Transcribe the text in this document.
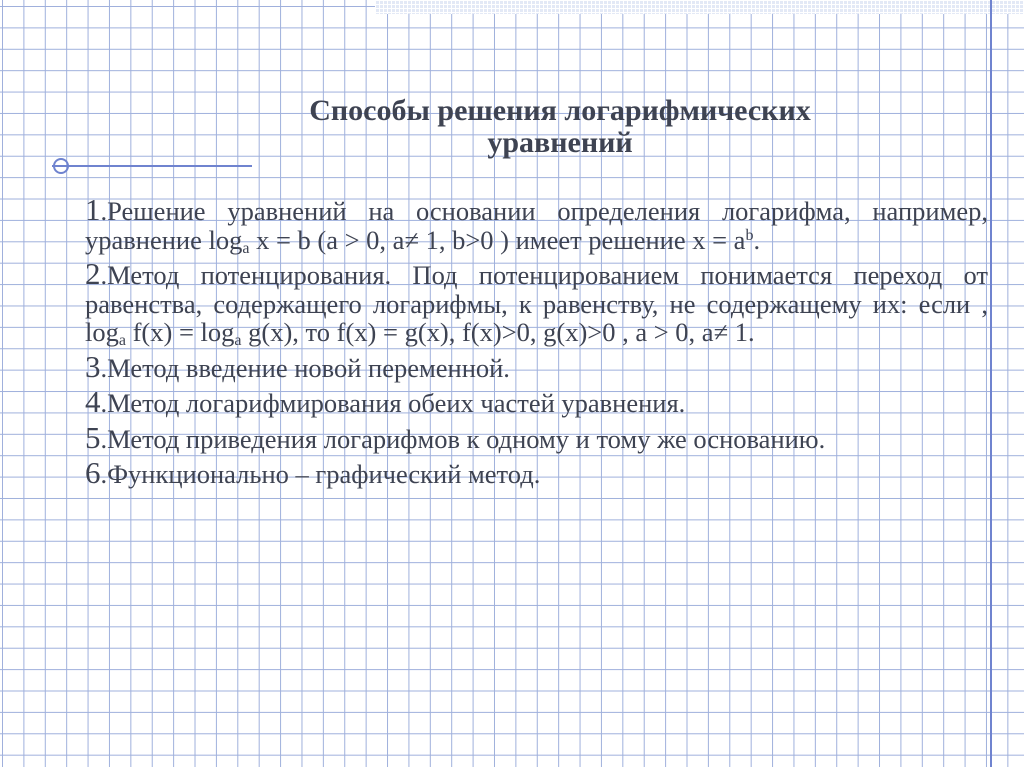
Способы решения логарифмических
уравнений
1.Решение уравнений на основании определения логарифма, например, уравнение $\log_a x = b$ (a > 0, a≠ 1, b>0 ) имеет решение $x = a^b$.
2.Метод потенцирования. Под потенцированием понимается переход от равенства, содержащего логарифмы, к равенству, не содержащему их: если , $\log_a f(x) = \log_a g(x)$, то f(x) = g(x), f(x)>0, g(x)>0 , a > 0, a≠ 1.
3.Метод введение новой переменной.
4.Метод логарифмирования обеих частей уравнения.
5.Метод приведения логарифмов к одному и тому же основанию.
6.Функционально – графический метод.
